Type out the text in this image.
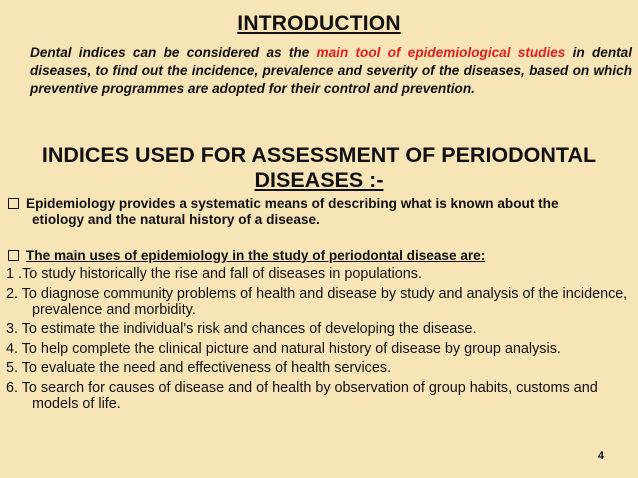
INTRODUCTION
Dental indices can be considered as the main tool of epidemiological studies in dental diseases, to find out the incidence, prevalence and severity of the diseases, based on which preventive programmes are adopted for their control and prevention.
INDICES USED FOR ASSESSMENT OF PERIODONTAL
DISEASES :-
Epidemiology provides a systematic means of describing what is known about the
etiology and the natural history of a disease.
The main uses of epidemiology in the study of periodontal disease are:
1 .To study historically the rise and fall of diseases in populations.
2. To diagnose community problems of health and disease by study and analysis of the incidence, prevalence and morbidity.
3. To estimate the individual's risk and chances of developing the disease.
4. To help complete the clinical picture and natural history of disease by group analysis.
5. To evaluate the need and effectiveness of health services.
6. To search for causes of disease and of health by observation of group habits, customs and models of life.
4
